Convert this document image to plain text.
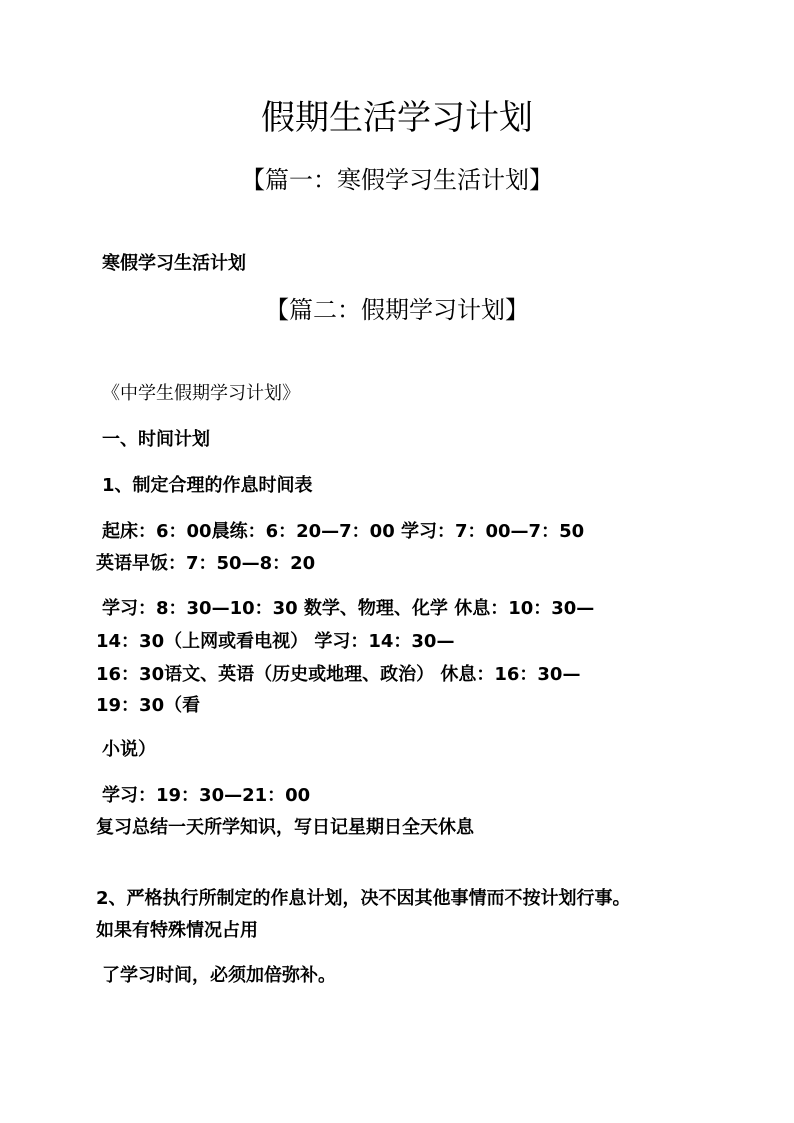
假期生活学习计划
【篇一：寒假学习生活计划】
寒假学习生活计划
【篇二：假期学习计划】
《中学生假期学习计划》
一、时间计划
1、制定合理的作息时间表
起床：6：00晨练：6：20—7：00 学习：7：00—7：50
英语早饭：7：50—8：20
学习：8：30—10：30 数学、物理、化学 休息：10：30—
14：30（上网或看电视） 学习：14：30—
16：30语文、英语（历史或地理、政治） 休息：16：30—
19：30（看
小说）
学习：19：30—21：00
复习总结一天所学知识，写日记星期日全天休息
2、严格执行所制定的作息计划，决不因其他事情而不按计划行事。
如果有特殊情况占用
了学习时间，必须加倍弥补。
